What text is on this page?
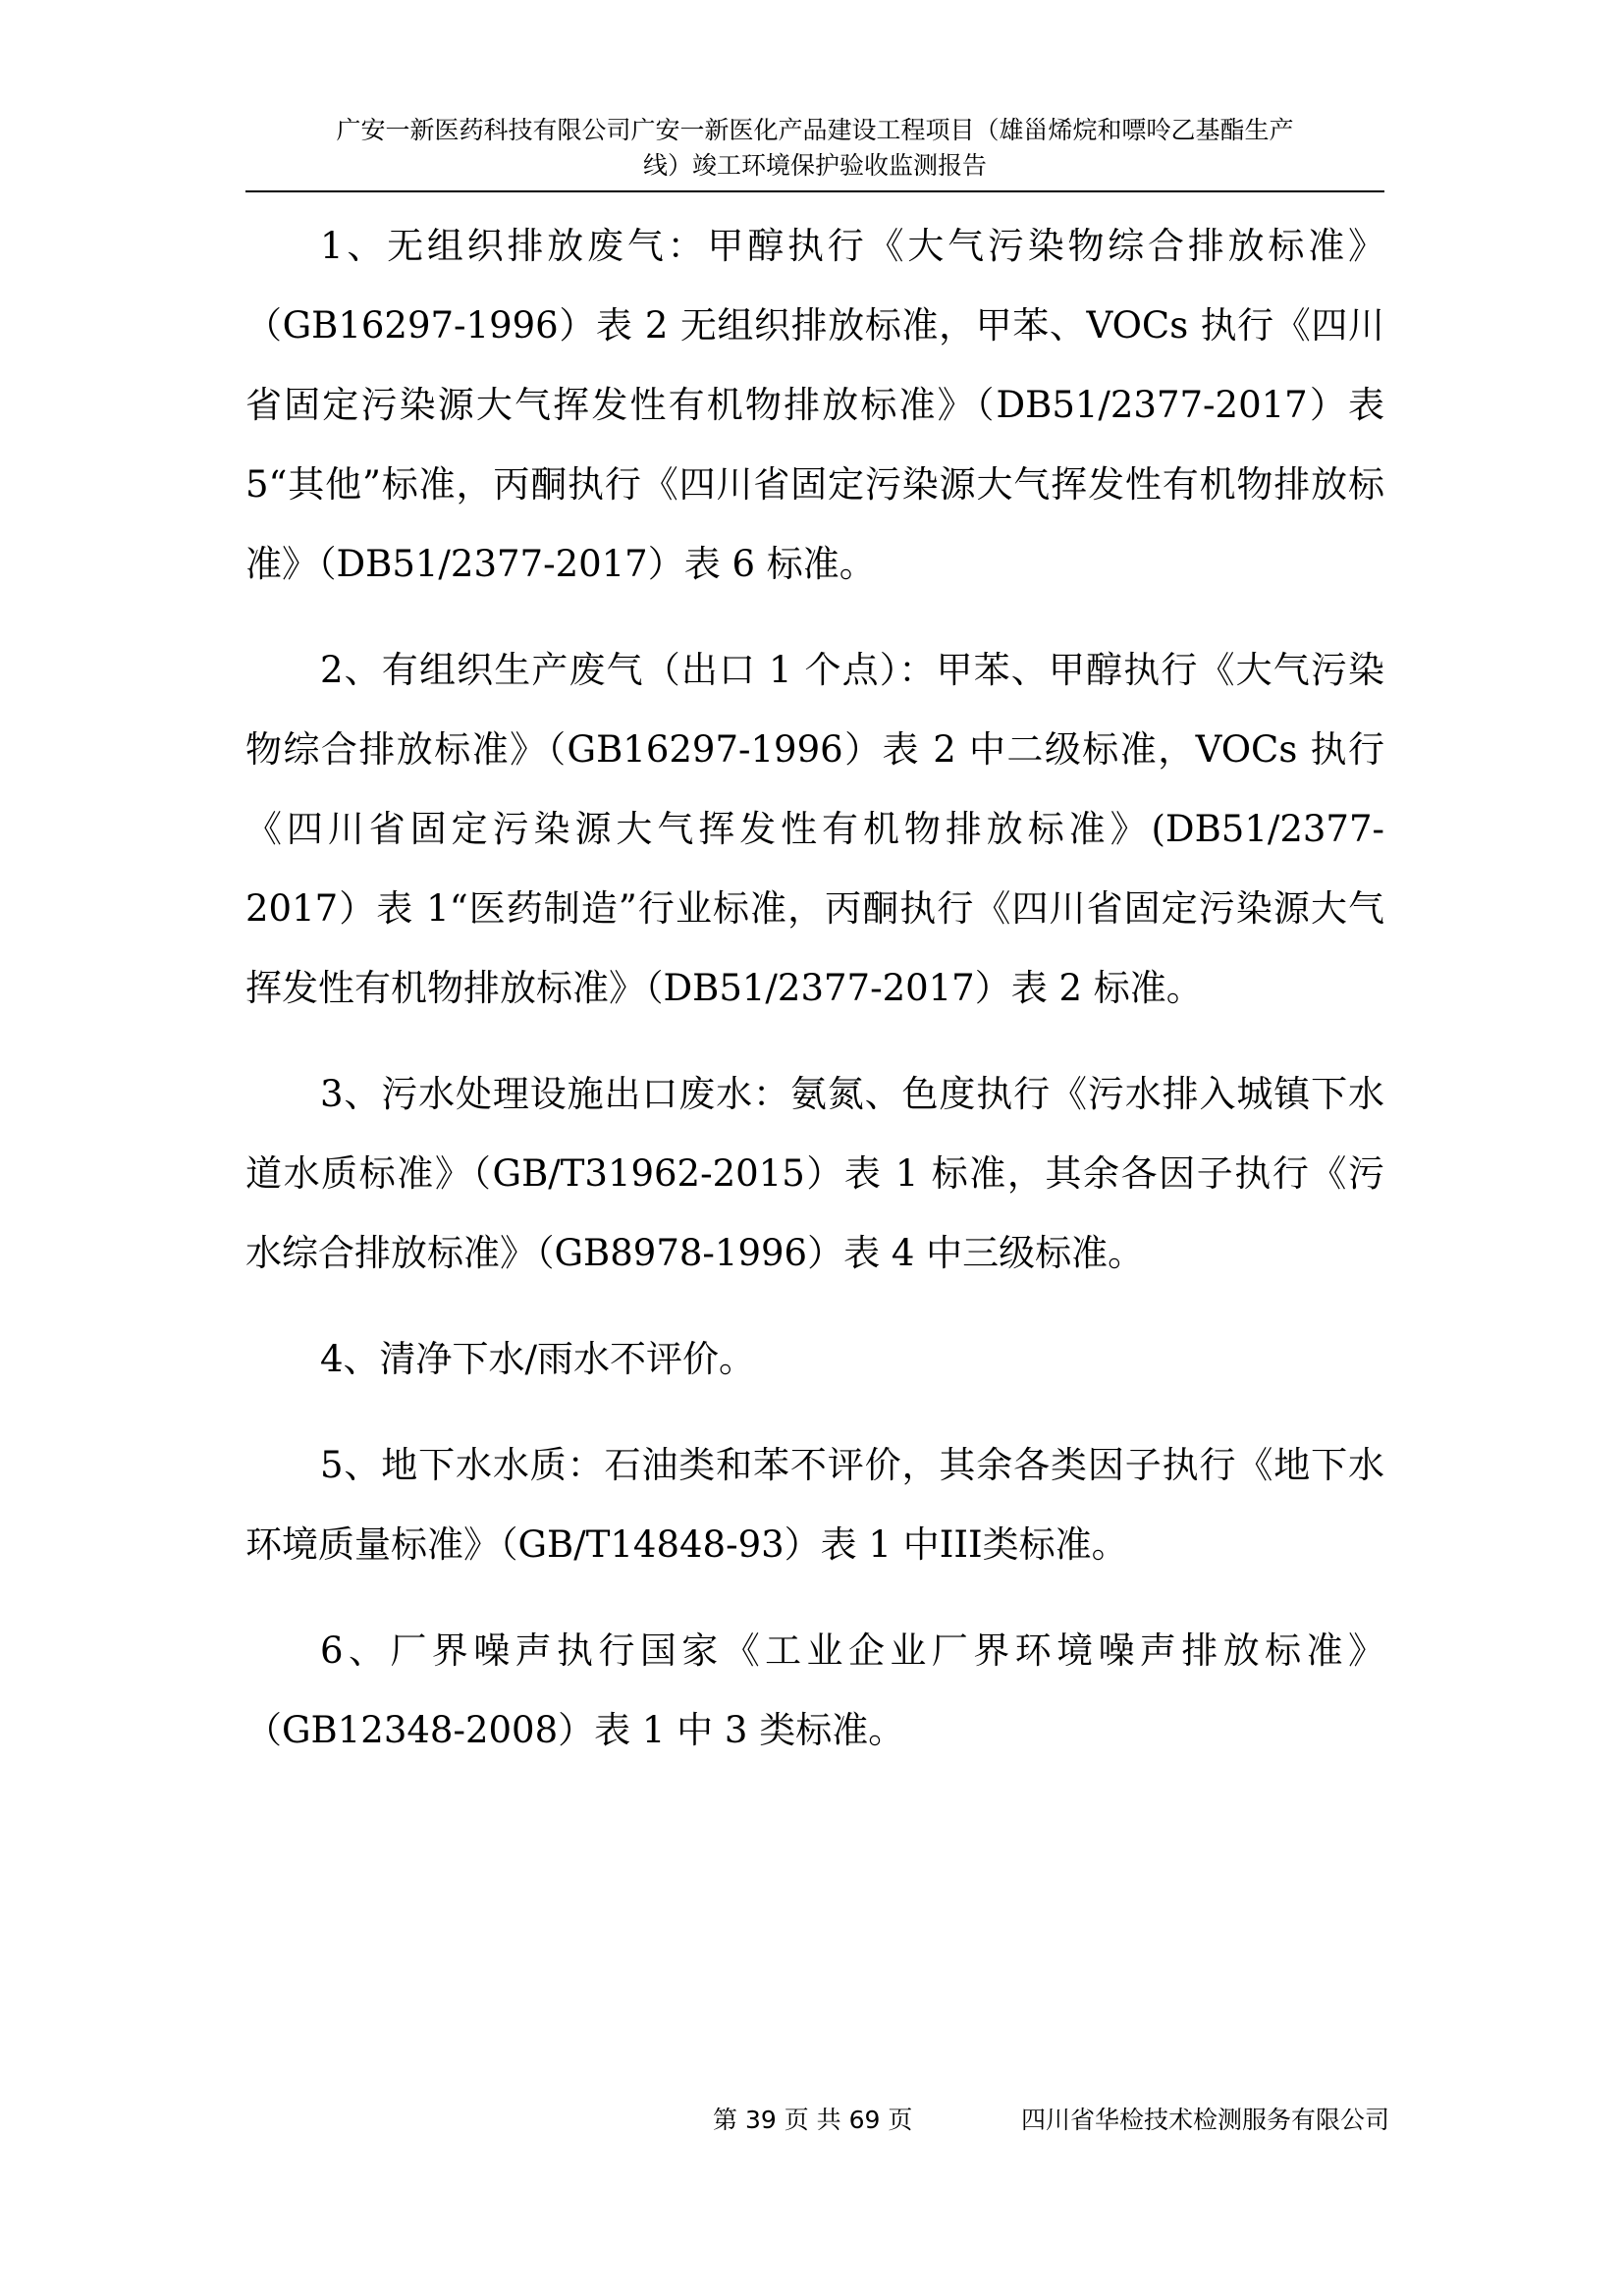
广安一新医药科技有限公司广安一新医化产品建设工程项目（雄甾烯烷和嘌呤乙基酯生产
线）竣工环境保护验收监测报告

1、无组织排放废气：甲醇执行《大气污染物综合排放标准》（GB16297-1996）表 2 无组织排放标准，甲苯、VOCs 执行《四川省固定污染源大气挥发性有机物排放标准》（DB51/2377-2017）表 5“其他”标准，丙酮执行《四川省固定污染源大气挥发性有机物排放标准》（DB51/2377-2017）表 6 标准。

2、有组织生产废气（出口 1 个点）：甲苯、甲醇执行《大气污染物综合排放标准》（GB16297-1996）表 2 中二级标准，VOCs 执行《四川省固定污染源大气挥发性有机物排放标准》(DB51/2377-2017）表 1“医药制造”行业标准，丙酮执行《四川省固定污染源大气挥发性有机物排放标准》（DB51/2377-2017）表 2 标准。

3、污水处理设施出口废水：氨氮、色度执行《污水排入城镇下水道水质标准》（GB/T31962-2015）表 1 标准，其余各因子执行《污水综合排放标准》（GB8978-1996）表 4 中三级标准。

4、清净下水/雨水不评价。

5、地下水水质：石油类和苯不评价，其余各类因子执行《地下水环境质量标准》（GB/T14848-93）表 1 中III类标准。

6、厂界噪声执行国家《工业企业厂界环境噪声排放标准》（GB12348-2008）表 1 中 3 类标准。

第 39 页 共 69 页	四川省华检技术检测服务有限公司
